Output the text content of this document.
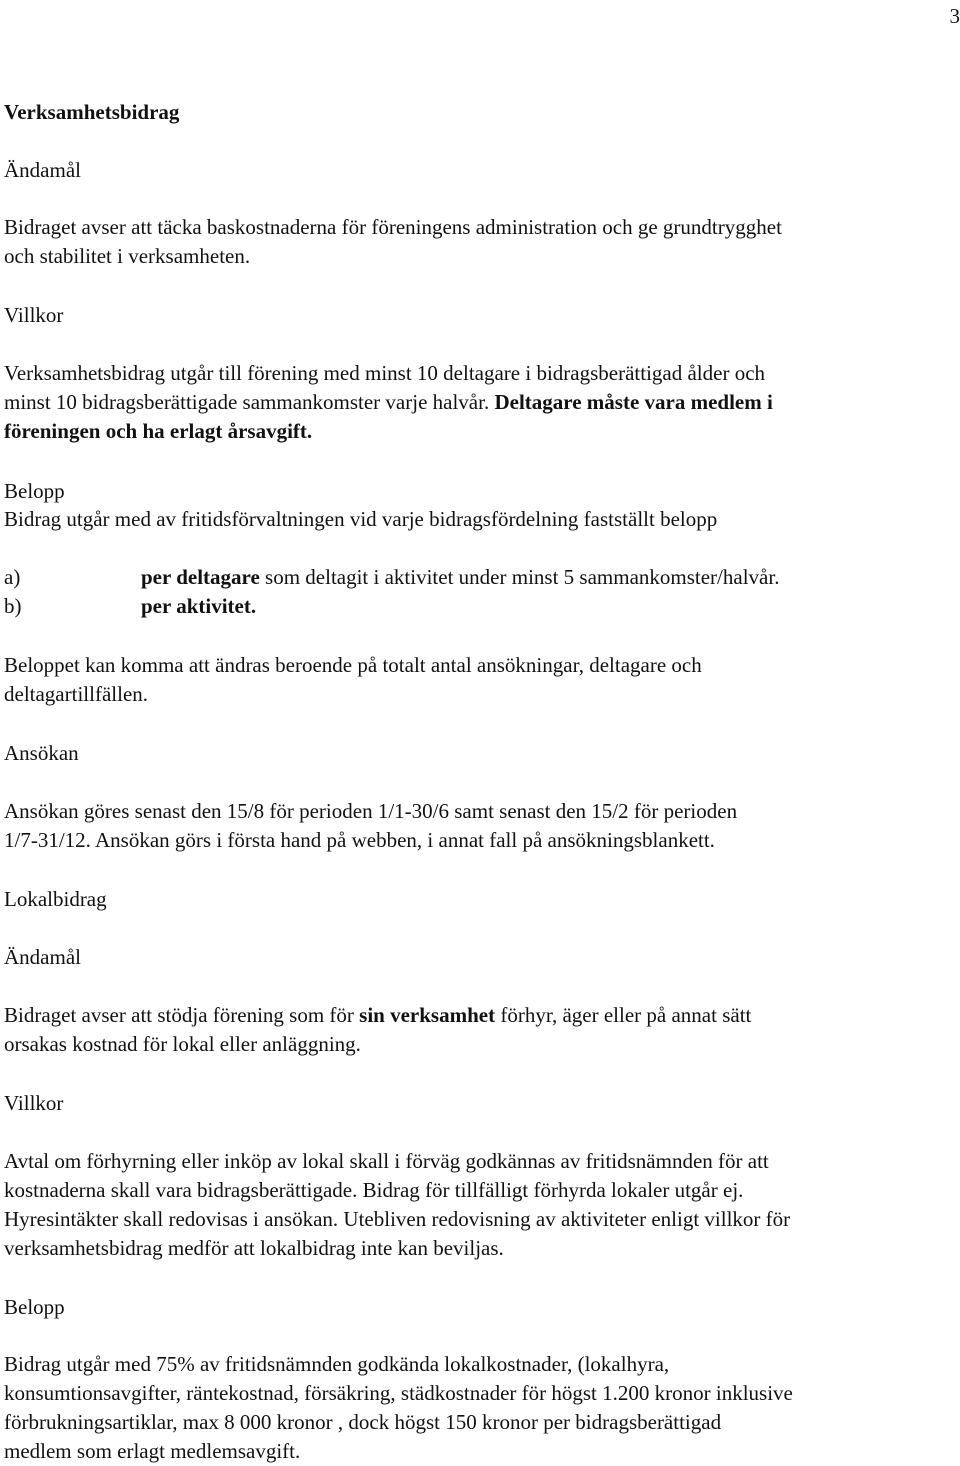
3
Verksamhetsbidrag
Ändamål
Bidraget avser att täcka baskostnaderna för föreningens administration och ge grundtrygghet
och stabilitet i verksamheten.
Villkor
Verksamhetsbidrag utgår till förening med minst 10 deltagare i bidragsberättigad ålder och
minst 10 bidragsberättigade sammankomster varje halvår. Deltagare måste vara medlem i
föreningen och ha erlagt årsavgift.
Belopp
Bidrag utgår med av fritidsförvaltningen vid varje bidragsfördelning fastställt belopp
a)	per deltagare som deltagit i aktivitet under minst 5 sammankomster/halvår.
b)	per aktivitet.
Beloppet kan komma att ändras beroende på totalt antal ansökningar, deltagare och
deltagartillfällen.
Ansökan
Ansökan göres senast den 15/8 för perioden 1/1-30/6 samt senast den 15/2 för perioden
1/7-31/12. Ansökan görs i första hand på webben, i annat fall på ansökningsblankett.
Lokalbidrag
Ändamål
Bidraget avser att stödja förening som för sin verksamhet förhyr, äger eller på annat sätt
orsakas kostnad för lokal eller anläggning.
Villkor
Avtal om förhyrning eller inköp av lokal skall i förväg godkännas av fritidsnämnden för att
kostnaderna skall vara bidragsberättigade. Bidrag för tillfälligt förhyrda lokaler utgår ej.
Hyresintäkter skall redovisas i ansökan. Utebliven redovisning av aktiviteter enligt villkor för
verksamhetsbidrag medför att lokalbidrag inte kan beviljas.
Belopp
Bidrag utgår med 75% av fritidsnämnden godkända lokalkostnader, (lokalhyra,
konsumtionsavgifter, räntekostnad, försäkring, städkostnader för högst 1.200 kronor inklusive
förbrukningsartiklar, max 8 000 kronor , dock högst 150 kronor per bidragsberättigad
medlem som erlagt medlemsavgift.
